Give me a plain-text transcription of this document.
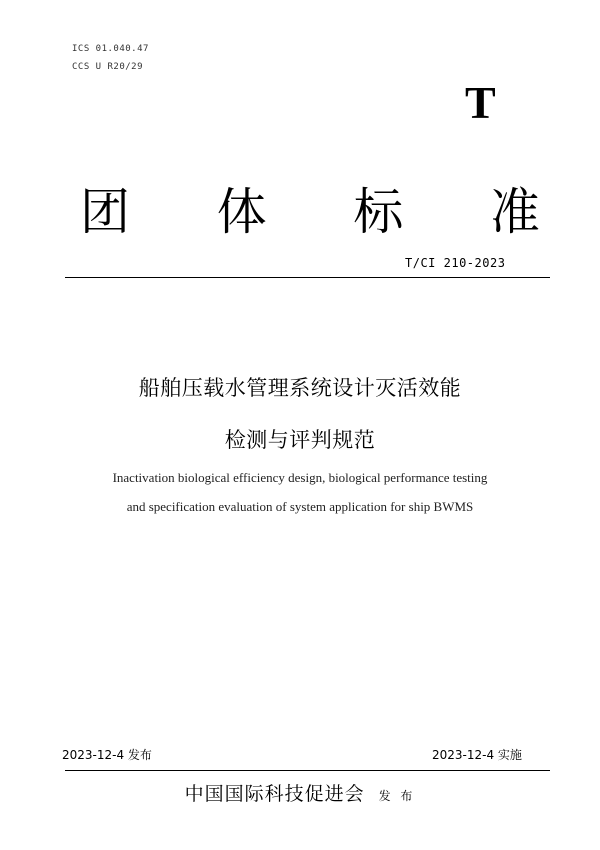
ICS 01.040.47
CCS U R20/29
T
团 体 标 准
T/CI 210-2023
船舶压载水管理系统设计灭活效能
检测与评判规范
Inactivation biological efficiency design, biological performance testing
and specification evaluation of system application for ship BWMS
2023-12-4 发布	2023-12-4 实施
中国国际科技促进会 发 布
